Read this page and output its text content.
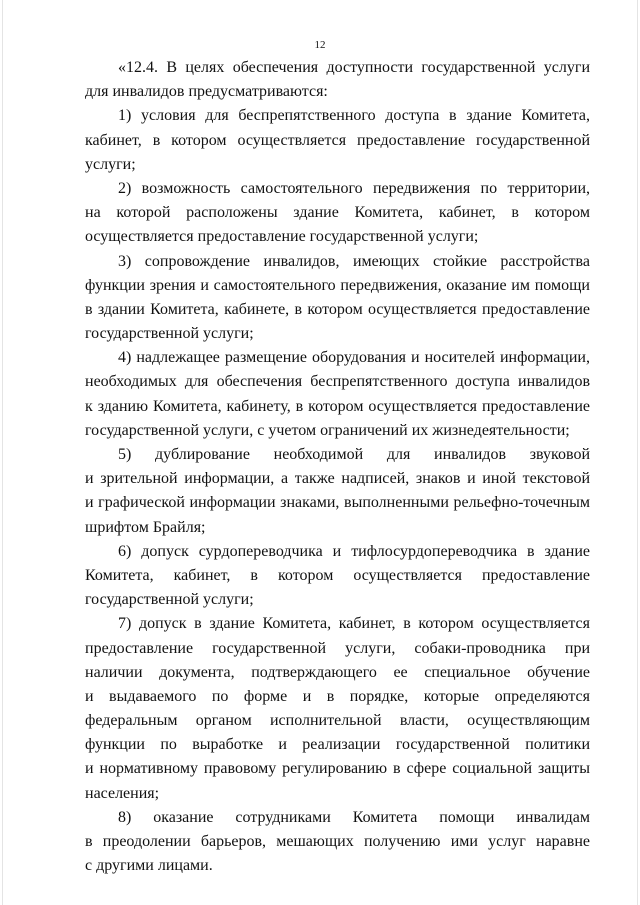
12
«12.4. В целях обеспечения доступности государственной услуги
для инвалидов предусматриваются:
1) условия для беспрепятственного доступа в здание Комитета,
кабинет, в котором осуществляется предоставление государственной
услуги;
2) возможность самостоятельного передвижения по территории,
на которой расположены здание Комитета, кабинет, в котором
осуществляется предоставление государственной услуги;
3) сопровождение инвалидов, имеющих стойкие расстройства
функции зрения и самостоятельного передвижения, оказание им помощи
в здании Комитета, кабинете, в котором осуществляется предоставление
государственной услуги;
4) надлежащее размещение оборудования и носителей информации,
необходимых для обеспечения беспрепятственного доступа инвалидов
к зданию Комитета, кабинету, в котором осуществляется предоставление
государственной услуги, с учетом ограничений их жизнедеятельности;
5) дублирование необходимой для инвалидов звуковой
и зрительной информации, а также надписей, знаков и иной текстовой
и графической информации знаками, выполненными рельефно-точечным
шрифтом Брайля;
6) допуск сурдопереводчика и тифлосурдопереводчика в здание
Комитета, кабинет, в котором осуществляется предоставление
государственной услуги;
7) допуск в здание Комитета, кабинет, в котором осуществляется
предоставление государственной услуги, собаки-проводника при
наличии документа, подтверждающего ее специальное обучение
и выдаваемого по форме и в порядке, которые определяются
федеральным органом исполнительной власти, осуществляющим
функции по выработке и реализации государственной политики
и нормативному правовому регулированию в сфере социальной защиты
населения;
8) оказание сотрудниками Комитета помощи инвалидам
в преодолении барьеров, мешающих получению ими услуг наравне
с другими лицами.
